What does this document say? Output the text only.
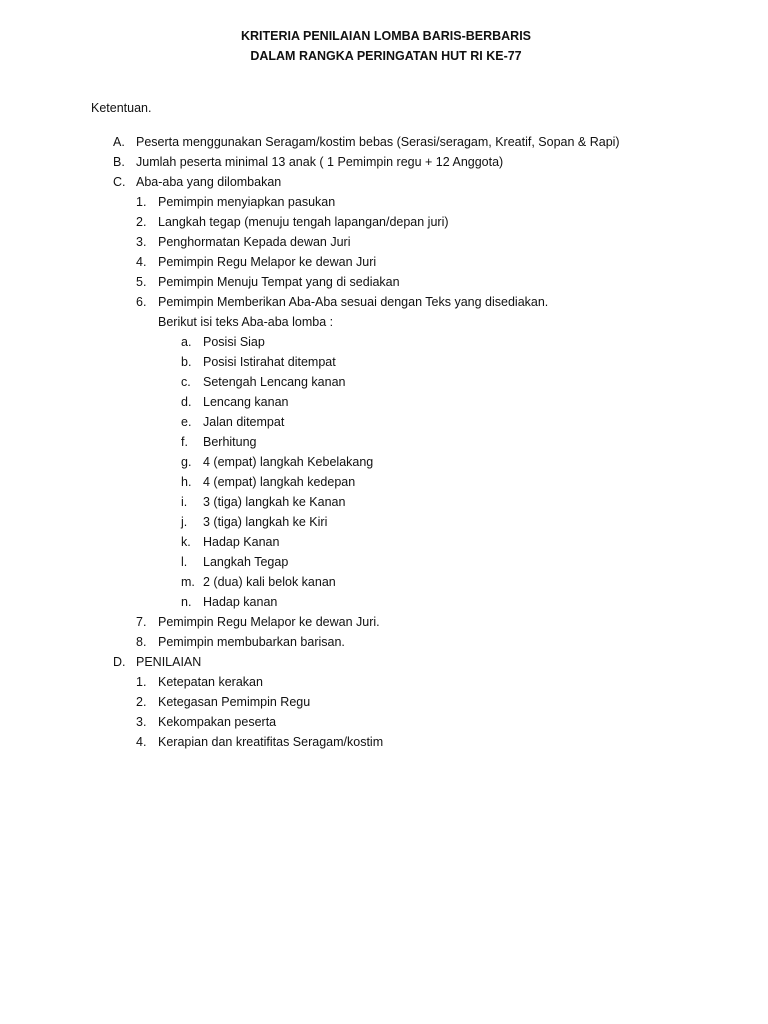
KRITERIA PENILAIAN LOMBA BARIS-BERBARIS
DALAM RANGKA PERINGATAN HUT RI KE-77
Ketentuan.
A. Peserta menggunakan Seragam/kostim bebas (Serasi/seragam, Kreatif, Sopan & Rapi)
B. Jumlah peserta minimal 13 anak ( 1 Pemimpin regu + 12 Anggota)
C. Aba-aba yang dilombakan
1. Pemimpin menyiapkan pasukan
2. Langkah tegap (menuju tengah lapangan/depan juri)
3. Penghormatan Kepada dewan Juri
4. Pemimpin Regu Melapor ke dewan Juri
5. Pemimpin Menuju Tempat yang di sediakan
6. Pemimpin Memberikan Aba-Aba sesuai dengan Teks yang disediakan.
Berikut isi teks Aba-aba lomba :
a. Posisi Siap
b. Posisi Istirahat ditempat
c. Setengah Lencang kanan
d. Lencang kanan
e. Jalan ditempat
f. Berhitung
g. 4 (empat) langkah Kebelakang
h. 4 (empat) langkah kedepan
i. 3 (tiga) langkah ke Kanan
j. 3 (tiga) langkah ke Kiri
k. Hadap Kanan
l. Langkah Tegap
m. 2 (dua) kali belok kanan
n. Hadap kanan
7. Pemimpin Regu Melapor ke dewan Juri.
8. Pemimpin membubarkan barisan.
D. PENILAIAN
1. Ketepatan kerakan
2. Ketegasan Pemimpin Regu
3. Kekompakan peserta
4. Kerapian dan kreatifitas Seragam/kostim
